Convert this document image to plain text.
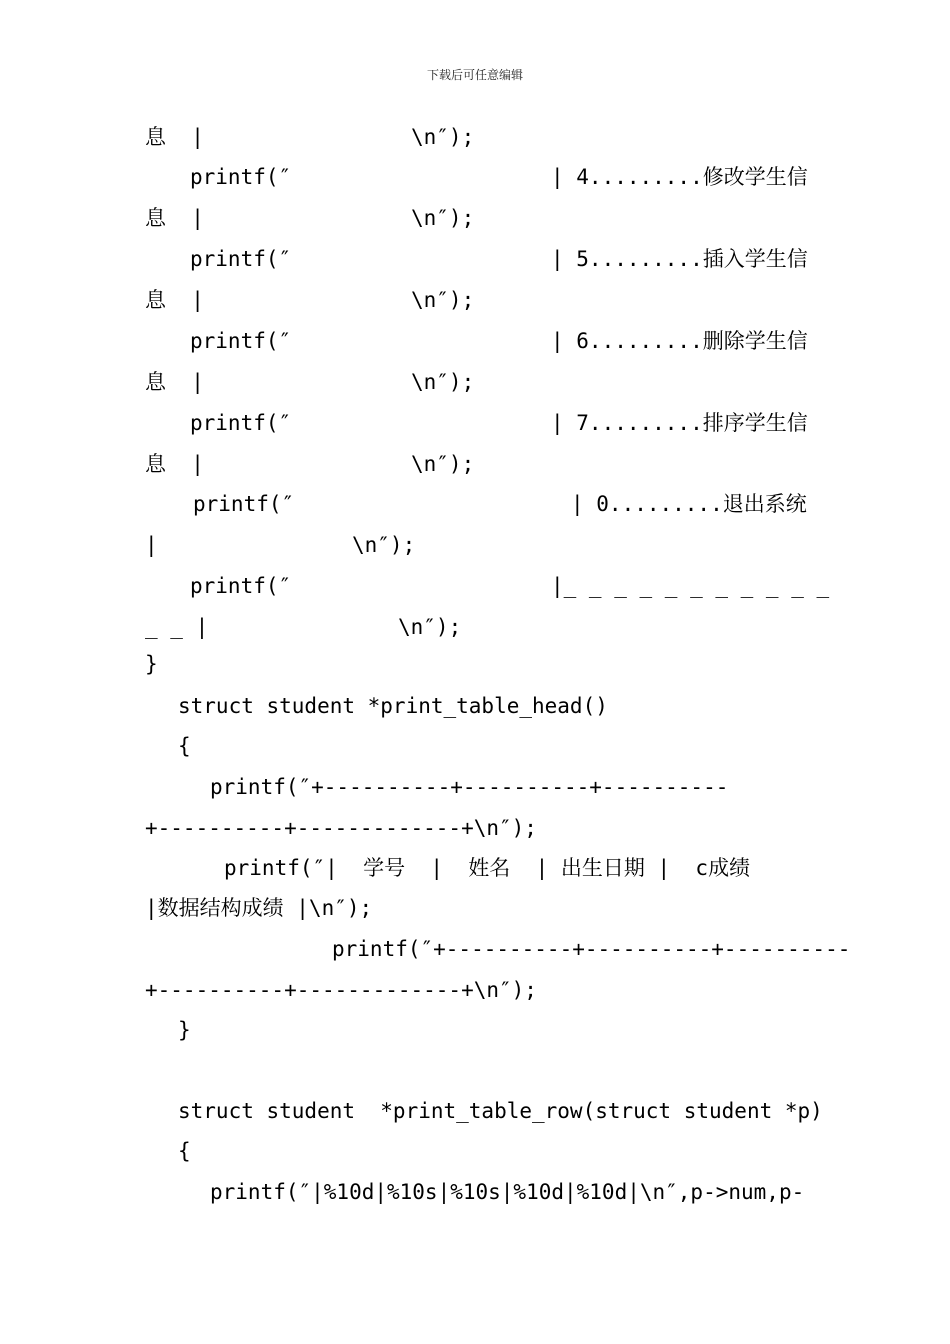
下载后可任意编辑
息  |	\n″);
printf(″	| 4.........修改学生信
息  |	\n″);
printf(″	| 5.........插入学生信
息  |	\n″);
printf(″	| 6.........删除学生信
息  |	\n″);
printf(″	| 7.........排序学生信
息  |	\n″);
printf(″	| 0.........退出系统
|	\n″);
printf(″	|_ _ _ _ _ _ _ _ _ _ _
_ _ |	\n″);
}
struct student *print_table_head()
{
printf(″+----------+----------+----------
+----------+-------------+\n″);
printf(″|  学号  |  姓名  | 出生日期 |  c成绩
|数据结构成绩 |\n″);
printf(″+----------+----------+----------
+----------+-------------+\n″);
}
struct student  *print_table_row(struct student *p)
{
printf(″|%10d|%10s|%10s|%10d|%10d|\n″,p->num,p-
